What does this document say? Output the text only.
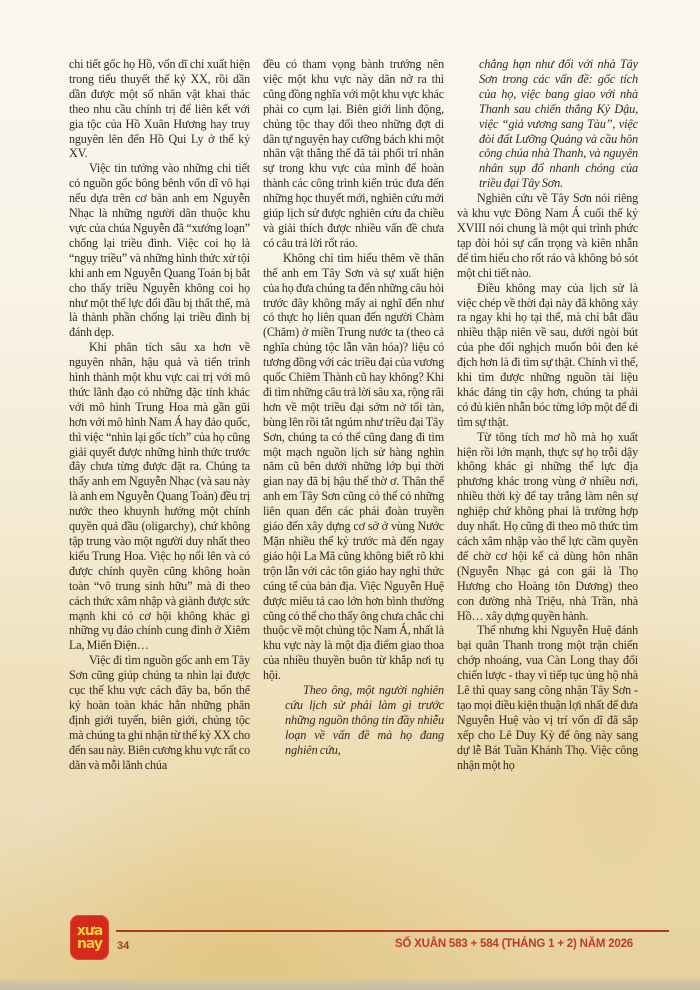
chi tiết gốc họ Hồ, vốn dĩ chỉ xuất hiện trong tiểu thuyết thế kỷ XX, rồi dần dần được một số nhân vật khai thác theo nhu cầu chính trị để liên kết với gia tộc của Hồ Xuân Hương hay truy nguyên lên đến Hồ Qui Ly ở thế kỷ XV.

Việc tin tưởng vào những chi tiết có nguồn gốc bông bênh vốn dĩ vô hại nếu dựa trên cơ bản anh em Nguyễn Nhạc là những người dân thuộc khu vực của chúa Nguyễn đã “xướng loạn” chống lại triều đình. Việc coi họ là “ngụy triều” và những hình thức xử tội khi anh em Nguyễn Quang Toản bị bắt cho thấy triều Nguyễn không coi họ như một thế lực đối đầu bị thất thế, mà là thành phần chống lại triều đình bị đánh dẹp.

Khi phân tích sâu xa hơn về nguyên nhân, hậu quả và tiến trình hình thành một khu vực cai trị với mô thức lãnh đạo có những đặc tính khác với mô hình Trung Hoa mà gần gũi hơn với mô hình Nam Á hay đảo quốc, thì việc “nhìn lại gốc tích” của họ cũng giải quyết được những hình thức trước đây chưa từng được đặt ra. Chúng ta thấy anh em Nguyễn Nhạc (và sau này là anh em Nguyễn Quang Toản) đều trị nước theo khuynh hướng một chính quyền quả đầu (oligarchy), chứ không tập trung vào một người duy nhất theo kiểu Trung Hoa. Việc họ nổi lên và có được chính quyền cũng không hoàn toàn “vô trung sinh hữu” mà đi theo cách thức xâm nhập và giành được sức mạnh khi có cơ hội không khác gì những vụ đảo chính cung đình ở Xiêm La, Miến Điện…

Việc đi tìm nguồn gốc anh em Tây Sơn cũng giúp chúng ta nhìn lại được cục thế khu vực cách đây ba, bốn thế kỷ hoàn toàn khác hẳn những phân định giới tuyến, biên giới, chủng tộc mà chúng ta ghi nhận từ thế kỷ XX cho đến sau này. Biên cương khu vực rất co dãn và mỗi lãnh chúa

đều có tham vọng bành trướng nên việc một khu vực này dãn nở ra thì cũng đồng nghĩa với một khu vực khác phải co cụm lại. Biên giới linh động, chủng tộc thay đổi theo những đợt di dân tự nguyện hay cưỡng bách khi một nhân vật thắng thế đã tái phối trí nhân sự trong khu vực của mình để hoàn thành các công trình kiến trúc đưa đến những học thuyết mới, nghiên cứu mới giúp lịch sử được nghiên cứu đa chiều và giải thích được nhiều vấn đề chưa có câu trả lời rốt ráo.

Không chỉ tìm hiểu thêm về thân thế anh em Tây Sơn và sự xuất hiện của họ đưa chúng ta đến những câu hỏi trước đây không mấy ai nghĩ đến như có thực họ liên quan đến người Chàm (Chăm) ở miền Trung nước ta (theo cả nghĩa chủng tộc lẫn văn hóa)? liệu có tương đồng với các triều đại của vương quốc Chiêm Thành cũ hay không? Khi đi tìm những câu trả lời sâu xa, rộng rãi hơn về một triều đại sớm nở tối tàn, bùng lên rồi tắt ngúm như triều đại Tây Sơn, chúng ta có thể cũng đang đi tìm một mạch nguồn lịch sử hàng nghìn năm cũ bên dưới những lớp bụi thời gian nay đã bị hậu thế thờ ơ. Thân thế anh em Tây Sơn cũng có thể có những liên quan đến các phái đoàn truyền giáo đến xây dựng cơ sở ở vùng Nước Mặn nhiều thế kỷ trước mà đến ngay giáo hội La Mã cũng không biết rõ khi trộn lẫn với các tôn giáo hay nghi thức cúng tế của bản địa. Việc Nguyễn Huệ được miêu tả cao lớn hơn bình thường cũng có thể cho thấy ông chưa chắc chỉ thuộc về một chủng tộc Nam Á, nhất là khu vực này là một địa điểm giao thoa của nhiều thuyền buôn từ khắp nơi tụ hội.

Theo ông, một người nghiên cứu lịch sử phải làm gì trước những nguồn thông tin đầy nhiễu loạn về vấn đề mà họ đang nghiên cứu,

chẳng hạn như đối với nhà Tây Sơn trong các vấn đề: gốc tích của họ, việc bang giao với nhà Thanh sau chiến thắng Kỷ Dậu, việc “giả vương sang Tàu”, việc đòi đất Lưỡng Quảng và cầu hôn công chúa nhà Thanh, và nguyên nhân sụp đổ nhanh chóng của triều đại Tây Sơn.

Nghiên cứu về Tây Sơn nói riêng và khu vực Đông Nam Á cuối thế kỷ XVIII nói chung là một qui trình phức tạp đòi hỏi sự cẩn trọng và kiên nhẫn để tìm hiểu cho rốt ráo và không bỏ sót một chi tiết nào.

Điều không may của lịch sử là việc chép về thời đại này đã không xảy ra ngay khi họ tại thế, mà chỉ bắt đầu nhiều thập niên về sau, dưới ngòi bút của phe đối nghịch muốn bôi đen kẻ địch hơn là đi tìm sự thật. Chính vì thế, khi tìm được những nguồn tài liệu khác đáng tin cậy hơn, chúng ta phải có đủ kiên nhẫn bóc từng lớp một để đi tìm sự thật.

Từ tông tích mơ hồ mà họ xuất hiện rồi lớn mạnh, thực sự họ trỗi dậy không khác gì những thế lực địa phương khác trong vùng ở nhiều nơi, nhiều thời kỳ để tay trắng làm nên sự nghiệp chứ không phai là trường hợp duy nhất. Họ cũng đi theo mô thức tìm cách xâm nhập vào thế lực cầm quyền để chờ cơ hội kể cả dùng hôn nhân (Nguyễn Nhạc gả con gái là Thọ Hương cho Hoàng tôn Dương) theo con đường nhà Triệu, nhà Trần, nhà Hồ… xây dựng quyền hành.

Thế nhưng khi Nguyễn Huệ đánh bại quân Thanh trong một trận chiến chớp nhoáng, vua Càn Long thay đổi chiến lược - thay vì tiếp tục ủng hộ nhà Lê thì quay sang công nhận Tây Sơn - tạo mọi điều kiện thuận lợi nhất để đưa Nguyễn Huệ vào vị trí vốn dĩ đã sắp xếp cho Lê Duy Kỳ để ông này sang dự lễ Bát Tuần Khánh Thọ. Việc công nhận một họ

xưa
nay 34	SỐ XUÂN 583 + 584 (THÁNG 1 + 2) NĂM 2026
